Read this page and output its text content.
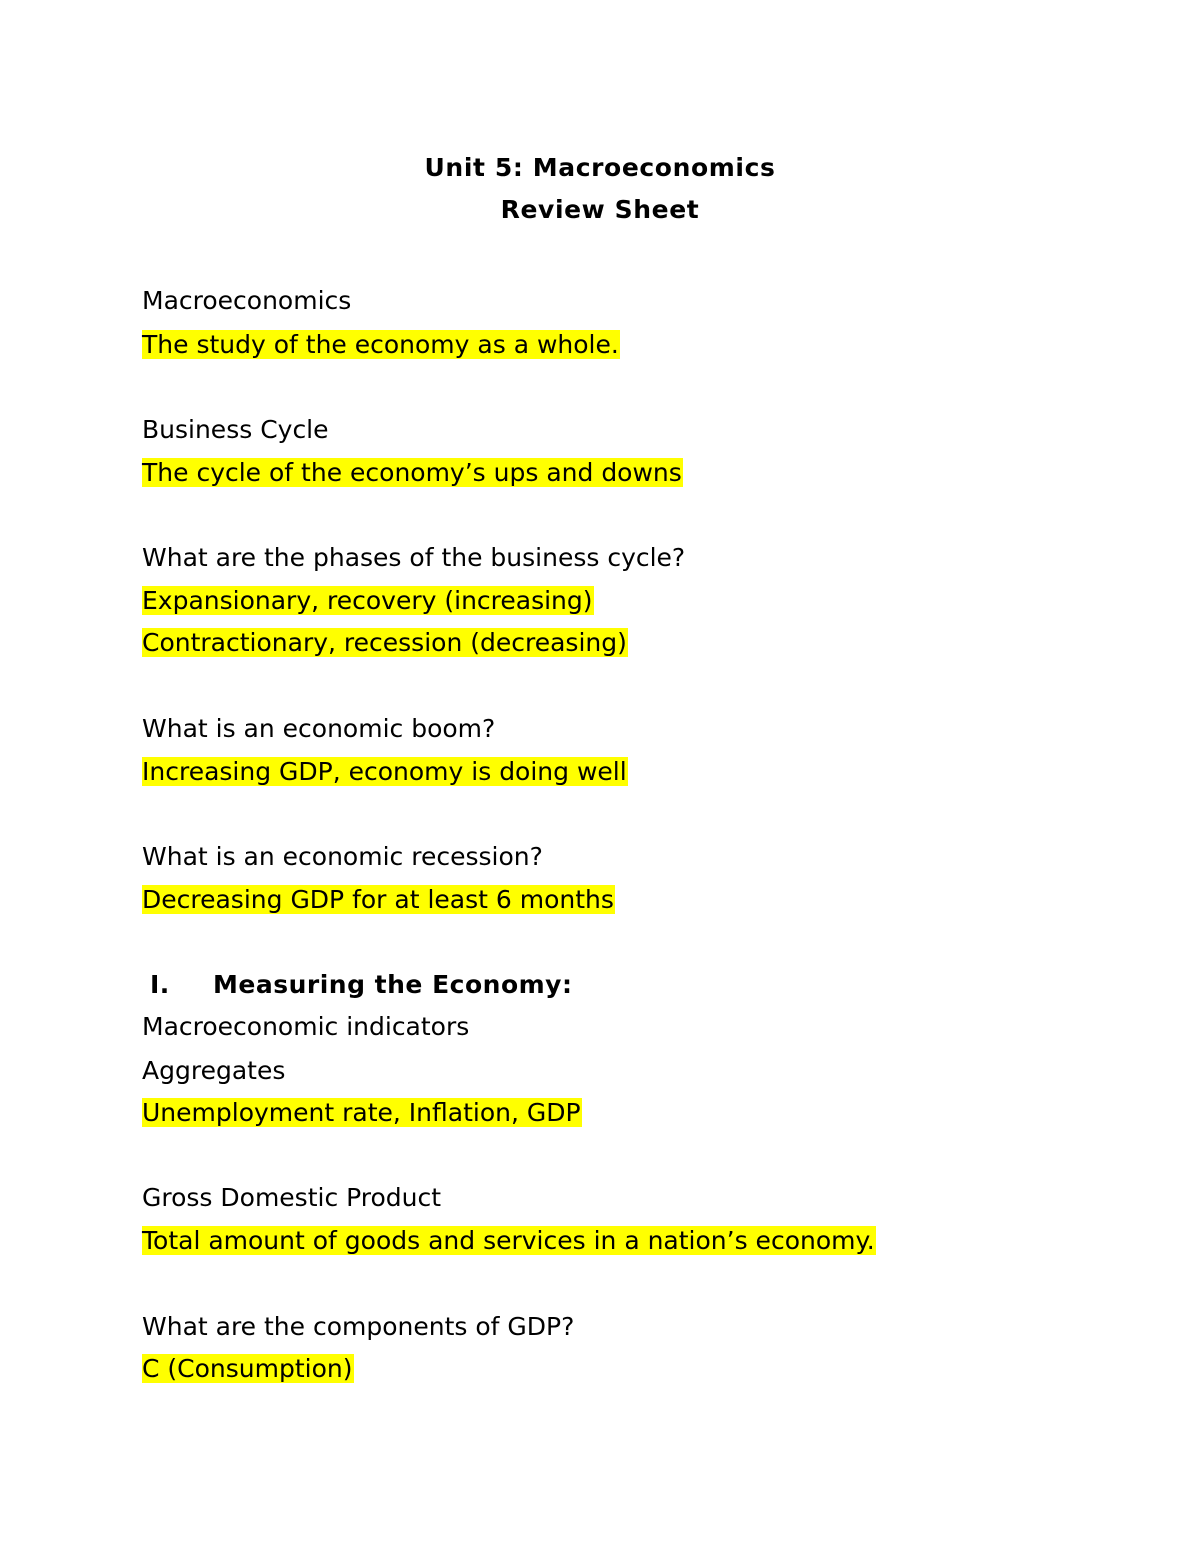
Unit 5: Macroeconomics
Review Sheet
Macroeconomics
The study of the economy as a whole.
Business Cycle
The cycle of the economy’s ups and downs
What are the phases of the business cycle?
Expansionary, recovery (increasing)
Contractionary, recession (decreasing)
What is an economic boom?
Increasing GDP, economy is doing well
What is an economic recession?
Decreasing GDP for at least 6 months
I. Measuring the Economy:
Macroeconomic indicators
Aggregates
Unemployment rate, Inflation, GDP
Gross Domestic Product
Total amount of goods and services in a nation’s economy.
What are the components of GDP?
C (Consumption)
